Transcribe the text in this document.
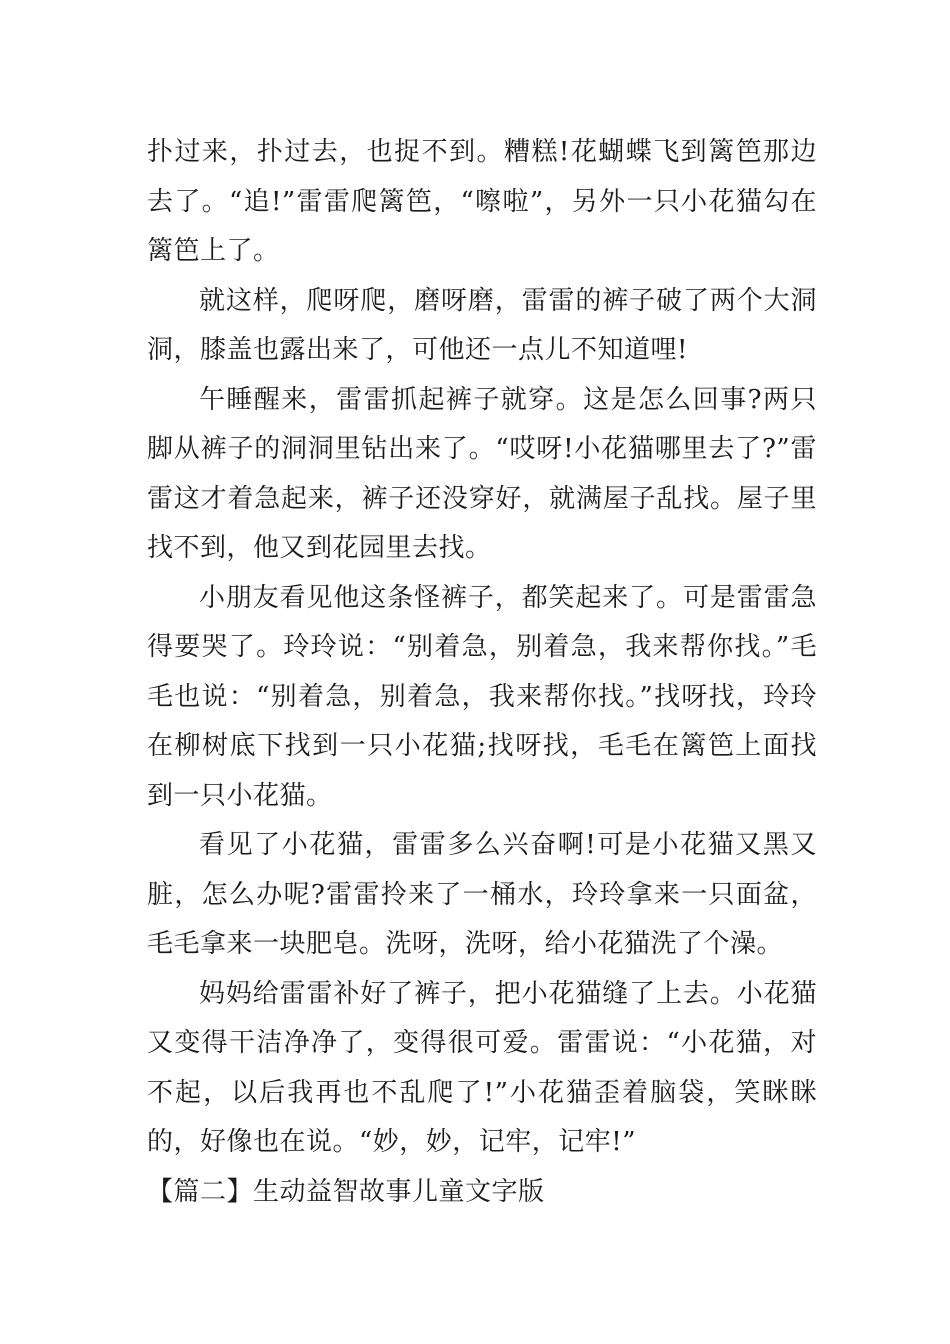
扑过来，扑过去，也捉不到。糟糕!花蝴蝶飞到篱笆那边去了。“追!”雷雷爬篱笆，“嚓啦”，另外一只小花猫勾在篱笆上了。

就这样，爬呀爬，磨呀磨，雷雷的裤子破了两个大洞洞，膝盖也露出来了，可他还一点儿不知道哩!

午睡醒来，雷雷抓起裤子就穿。这是怎么回事?两只脚从裤子的洞洞里钻出来了。“哎呀!小花猫哪里去了?”雷雷这才着急起来，裤子还没穿好，就满屋子乱找。屋子里找不到，他又到花园里去找。

小朋友看见他这条怪裤子，都笑起来了。可是雷雷急得要哭了。玲玲说：“别着急，别着急，我来帮你找。”毛毛也说：“别着急，别着急，我来帮你找。”找呀找，玲玲在柳树底下找到一只小花猫;找呀找，毛毛在篱笆上面找到一只小花猫。

看见了小花猫，雷雷多么兴奋啊!可是小花猫又黑又脏，怎么办呢?雷雷拎来了一桶水，玲玲拿来一只面盆，毛毛拿来一块肥皂。洗呀，洗呀，给小花猫洗了个澡。

妈妈给雷雷补好了裤子，把小花猫缝了上去。小花猫又变得干洁净净了，变得很可爱。雷雷说：“小花猫，对不起，以后我再也不乱爬了!”小花猫歪着脑袋，笑眯眯的，好像也在说。“妙，妙，记牢，记牢!”

【篇二】生动益智故事儿童文字版
